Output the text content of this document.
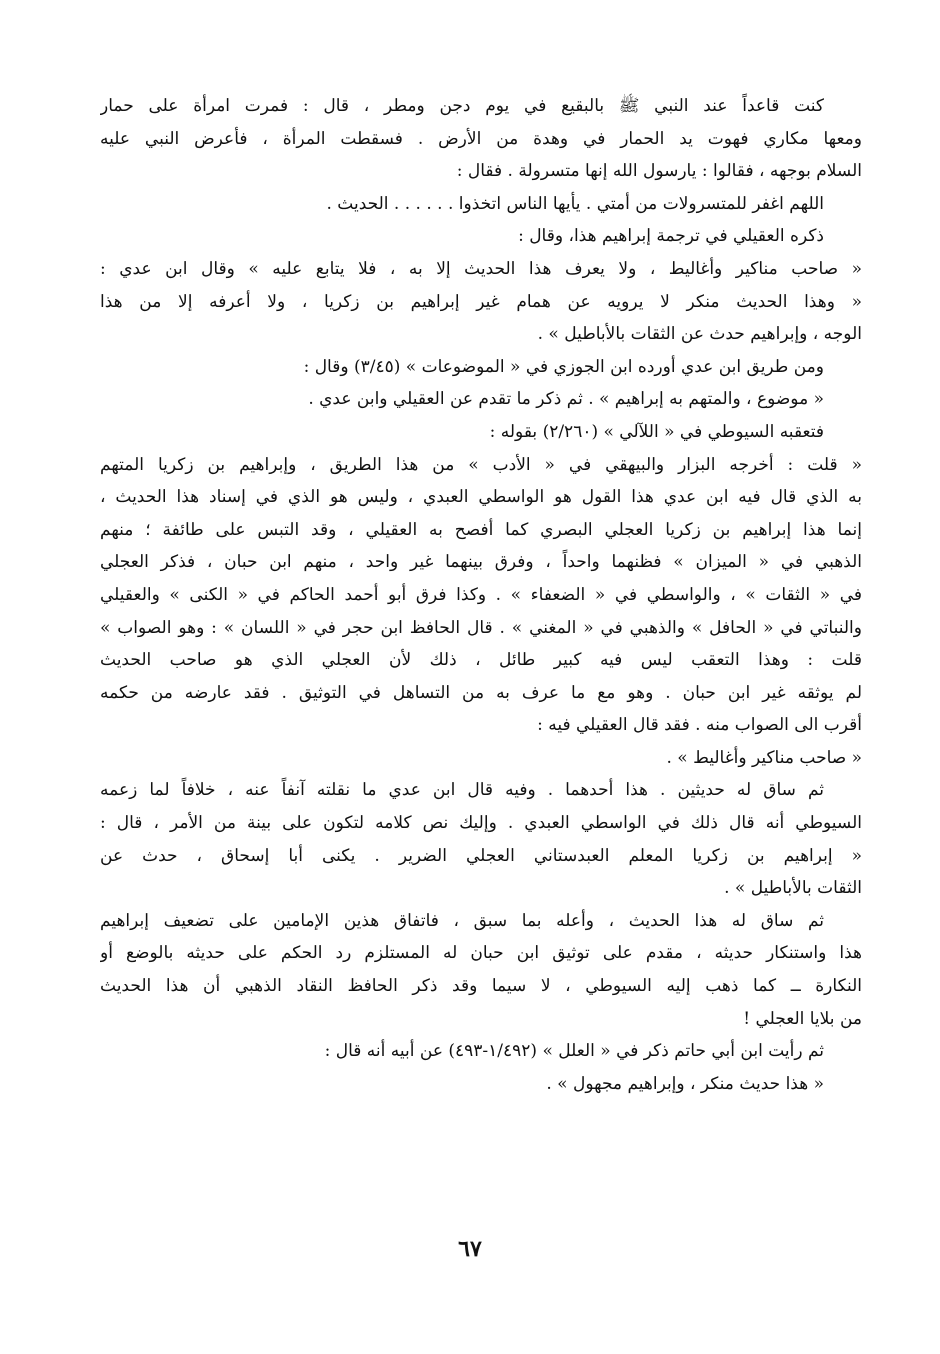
كنت قاعداً عند النبي ﷺ بالبقيع في يوم دجن ومطر ، قال : فمرت امرأة على حمار
ومعها مكاري فهوت يد الحمار في وهدة من الأرض . فسقطت المرأة ، فأعرض النبي عليه
السلام بوجهه ، فقالوا : يارسول الله إنها متسرولة . فقال :
اللهم اغفر للمتسرولات من أمتي . يأيها الناس اتخذوا . . . . . . الحديث .
ذكره العقيلي في ترجمة إبراهيم هذا، وقال :
« صاحب مناكير وأغاليط ، ولا يعرف هذا الحديث إلا به ، فلا يتابع عليه » وقال ابن عدي :
« وهذا الحديث منكر لا يرويه عن همام غير إبراهيم بن زكريا ، ولا أعرفه إلا من هذا
الوجه ، وإبراهيم حدث عن الثقات بالأباطيل » .
ومن طريق ابن عدي أورده ابن الجوزي في « الموضوعات » (٣/٤٥) وقال :
« موضوع ، والمتهم به إبراهيم » . ثم ذكر ما تقدم عن العقيلي وابن عدي .
فتعقبه السيوطي في « اللآلي » (٢/٢٦٠) بقوله :
« قلت : أخرجه البزار والبيهقي في « الأدب » من هذا الطريق ، وإبراهيم بن زكريا المتهم
به الذي قال فيه ابن عدي هذا القول هو الواسطي العبدي ، وليس هو الذي في إسناد هذا الحديث ،
إنما هذا إبراهيم بن زكريا العجلي البصري كما أفصح به العقيلي ، وقد التبس على طائفة ؛ منهم
الذهبي في « الميزان » فظنهما واحداً ، وفرق بينهما غير واحد ، منهم ابن حبان ، فذكر العجلي
في « الثقات » ، والواسطي في « الضعفاء » . وكذا فرق أبو أحمد الحاكم في « الكنى » والعقيلي
والنباتي في « الحافل » والذهبي في « المغني » . قال الحافظ ابن حجر في « اللسان » : وهو الصواب »
قلت : وهذا التعقب ليس فيه كبير طائل ، ذلك لأن العجلي الذي هو صاحب الحديث
لم يوثقه غير ابن حبان . وهو مع ما عرف به من التساهل في التوثيق . فقد عارضه من حكمه
أقرب الى الصواب منه . فقد قال العقيلي فيه :
« صاحب مناكير وأغاليط » .
ثم ساق له حديثين . هذا أحدهما . وفيه قال ابن عدي ما نقلته آنفاً عنه ، خلافاً لما زعمه
السيوطي أنه قال ذلك في الواسطي العبدي . وإليك نص كلامه لتكون على بينة من الأمر ، قال :
« إبراهيم بن زكريا المعلم العبدستاني العجلي الضرير . يكنى أبا إسحاق ، حدث عن
الثقات بالأباطيل » .
ثم ساق له هذا الحديث ، وأعله بما سبق ، فاتفاق هذين الإمامين على تضعيف إبراهيم
هذا واستنكار حديثه ، مقدم على توثيق ابن حبان له المستلزم رد الحكم على حديثه بالوضع أو
النكارة ــ كما ذهب إليه السيوطي ، لا سيما وقد ذكر الحافظ النقاد الذهبي أن هذا الحديث
من بلايا العجلي !
ثم رأيت ابن أبي حاتم ذكر في « العلل » (١/٤٩٢-٤٩٣) عن أبيه أنه قال :
« هذا حديث منكر ، وإبراهيم مجهول » .
٦٧
